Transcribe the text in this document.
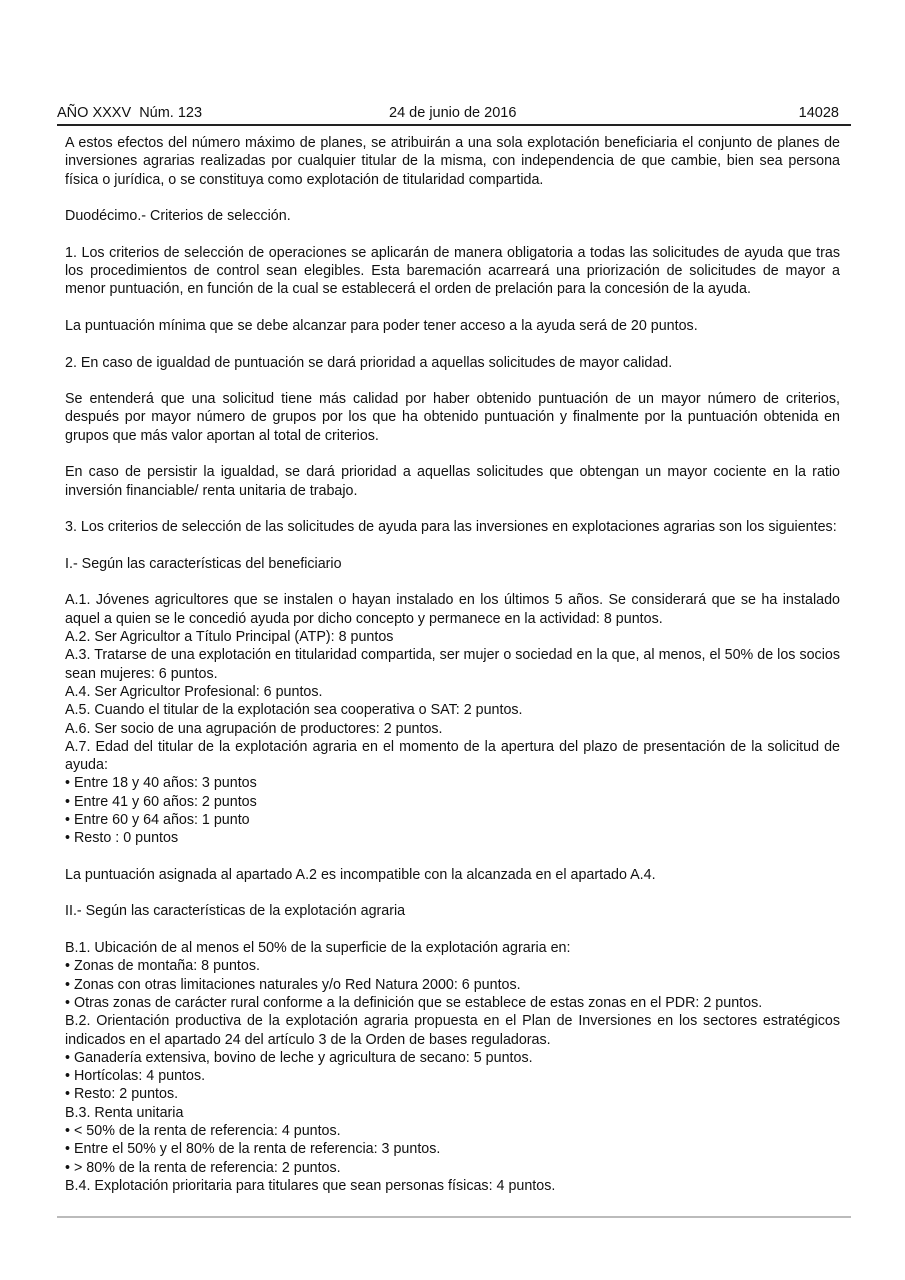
AÑO XXXV  Núm. 123	24 de junio de 2016	14028
A estos efectos del número máximo de planes, se atribuirán a una sola explotación beneficiaria el conjunto de planes de inversiones agrarias realizadas por cualquier titular de la misma, con independencia de que cambie, bien sea persona física o jurídica, o se constituya como explotación de titularidad compartida.
Duodécimo.- Criterios de selección.
1. Los criterios de selección de operaciones se aplicarán de manera obligatoria a todas las solicitudes de ayuda que tras los procedimientos de control sean elegibles. Esta baremación acarreará una priorización de solicitudes de mayor a menor puntuación, en función de la cual se establecerá el orden de prelación para la concesión de la ayuda.
La puntuación mínima que se debe alcanzar para poder tener acceso a la ayuda será de 20 puntos.
2. En caso de igualdad de puntuación se dará prioridad a aquellas solicitudes de mayor calidad.
Se entenderá que una solicitud tiene más calidad por haber obtenido puntuación de un mayor número de criterios, después por mayor número de grupos por los que ha obtenido puntuación y finalmente por la puntuación obtenida en grupos que más valor aportan al total de criterios.
En caso de persistir la igualdad, se dará prioridad a aquellas solicitudes que obtengan un mayor cociente en la ratio inversión financiable/ renta unitaria de trabajo.
3. Los criterios de selección de las solicitudes de ayuda para las inversiones en explotaciones agrarias son los siguientes:
I.- Según las características del beneficiario
A.1. Jóvenes agricultores que se instalen o hayan instalado en los últimos 5 años. Se considerará que se ha instalado aquel a quien se le concedió ayuda por dicho concepto y permanece en la actividad: 8 puntos.
A.2. Ser Agricultor a Título Principal (ATP): 8 puntos
A.3. Tratarse de una explotación en titularidad compartida, ser mujer o sociedad en la que, al menos, el 50% de los socios sean mujeres: 6 puntos.
A.4. Ser Agricultor Profesional: 6 puntos.
A.5. Cuando el titular de la explotación sea cooperativa o SAT: 2 puntos.
A.6. Ser socio de una agrupación de productores: 2 puntos.
A.7. Edad del titular de la explotación agraria en el momento de la apertura del plazo de presentación de la solicitud de ayuda:
• Entre 18 y 40 años: 3 puntos
• Entre 41 y 60 años: 2 puntos
• Entre 60 y 64 años: 1 punto
• Resto : 0 puntos
La puntuación asignada al apartado A.2 es incompatible con la alcanzada en el apartado A.4.
II.- Según las características de la explotación agraria
B.1. Ubicación de al menos el 50% de la superficie de la explotación agraria en:
• Zonas de montaña: 8 puntos.
• Zonas con otras limitaciones naturales y/o Red Natura 2000: 6 puntos.
• Otras zonas de carácter rural conforme a la definición que se establece de estas zonas en el PDR: 2 puntos.
B.2. Orientación productiva de la explotación agraria propuesta en el Plan de Inversiones en los sectores estratégicos indicados en el apartado 24 del artículo 3 de la Orden de bases reguladoras.
• Ganadería extensiva, bovino de leche y agricultura de secano: 5 puntos.
• Hortícolas: 4 puntos.
• Resto: 2 puntos.
B.3. Renta unitaria
• < 50% de la renta de referencia: 4 puntos.
• Entre el 50% y el 80% de la renta de referencia: 3 puntos.
• > 80% de la renta de referencia: 2 puntos.
B.4. Explotación prioritaria para titulares que sean personas físicas: 4 puntos.
